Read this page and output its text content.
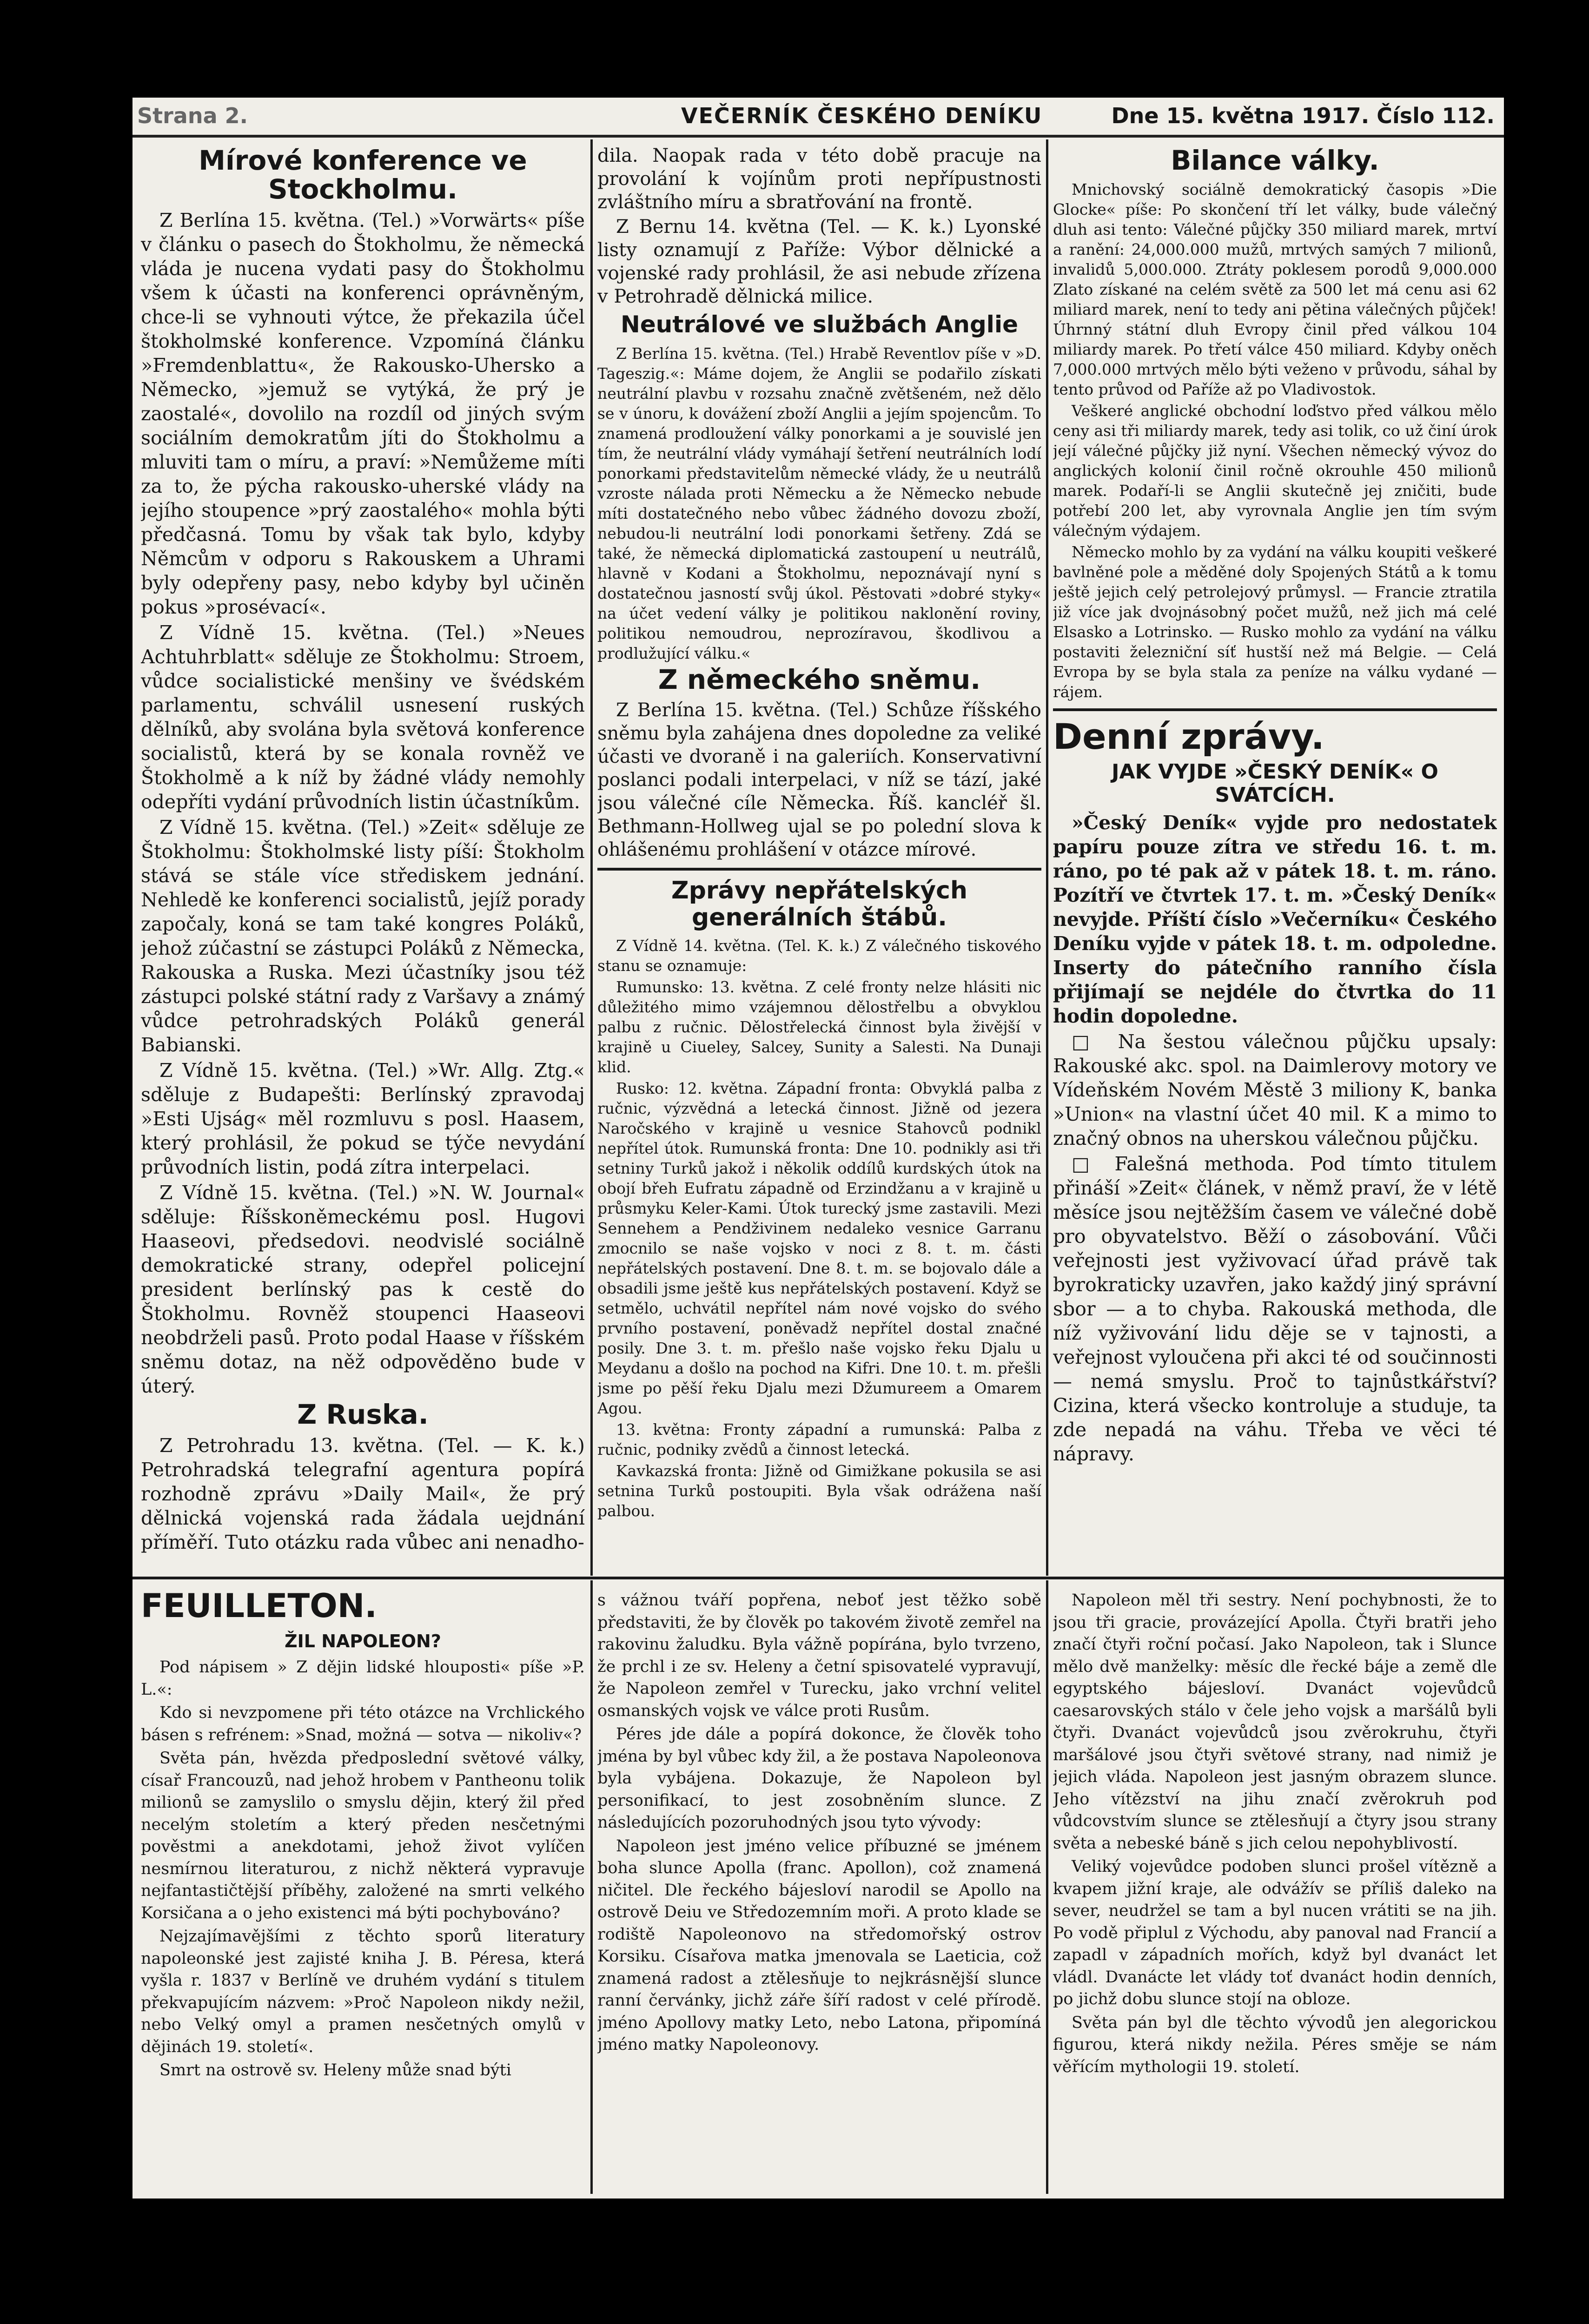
Strana 2.	VEČERNÍK ČESKÉHO DENÍKU	Dne 15. května 1917. Číslo 112.
Mírové konference ve Stockholmu.

Z Berlína 15. května. (Tel.) »Vorwärts« píše v článku o pasech do Štokholmu, že německá vláda je nucena vydati pasy do Štokholmu všem k účasti na konferenci oprávněným, chce-li se vyhnouti výtce, že překazila účel štokholmské konference. Vzpomíná článku »Fremdenblattu«, že Rakousko-Uhersko a Německo, »jemuž se vytýká, že prý je zaostalé«, dovolilo na rozdíl od jiných svým sociálním demokratům jíti do Štokholmu a mluviti tam o míru, a praví: »Nemůžeme míti za to, že pýcha rakousko-uherské vlády na jejího stoupence »prý zaostalého« mohla býti předčasná. Tomu by však tak bylo, kdyby Němcům v odporu s Rakouskem a Uhrami byly odepřeny pasy, nebo kdyby byl učiněn pokus »prosévací«.

Z Vídně 15. května. (Tel.) »Neues Achtuhrblatt« sděluje ze Štokholmu: Stroem, vůdce socialistické menšiny ve švédském parlamentu, schválil usnesení ruských dělníků, aby svolána byla světová konference socialistů, která by se konala rovněž ve Štokholmě a k níž by žádné vlády nemohly odepříti vydání průvodních listin účastníkům.

Z Vídně 15. května. (Tel.) »Zeit« sděluje ze Štokholmu: Štokholmské listy píší: Štokholm stává se stále více střediskem jednání. Nehledě ke konferenci socialistů, jejíž porady započaly, koná se tam také kongres Poláků, jehož zúčastní se zástupci Poláků z Německa, Rakouska a Ruska. Mezi účastníky jsou též zástupci polské státní rady z Varšavy a známý vůdce petrohradských Poláků generál Babianski.

Z Vídně 15. května. (Tel.) »Wr. Allg. Ztg.« sděluje z Budapešti: Berlínský zpravodaj »Esti Ujság« měl rozmluvu s posl. Haasem, který prohlásil, že pokud se týče nevydání průvodních listin, podá zítra interpelaci.

Z Vídně 15. května. (Tel.) »N. W. Journal« sděluje: Říšskoněmeckému posl. Hugovi Haaseovi, předsedovi. neodvislé sociálně demokratické strany, odepřel policejní president berlínský pas k cestě do Štokholmu. Rovněž stoupenci Haaseovi neobdrželi pasů. Proto podal Haase v říšském sněmu dotaz, na něž odpověděno bude v úterý.

Z Ruska.

Z Petrohradu 13. května. (Tel. — K. k.) Petrohradská telegrafní agentura popírá rozhodně zprávu »Daily Mail«, že prý dělnická vojenská rada žádala uejdnání příměří. Tuto otázku rada vůbec ani nenadho-

dila. Naopak rada v této době pracuje na provolání k vojínům proti nepřípustnosti zvláštního míru a sbratřování na frontě.

Z Bernu 14. května (Tel. — K. k.) Lyonské listy oznamují z Paříže: Výbor dělnické a vojenské rady prohlásil, že asi nebude zřízena v Petrohradě dělnická milice.

Neutrálové ve službách Anglie

Z Berlína 15. května. (Tel.) Hrabě Reventlov píše v »D. Tageszig.«: Máme dojem, že Anglii se podařilo získati neutrální plavbu v rozsahu značně zvětšeném, než dělo se v únoru, k dovážení zboží Anglii a jejím spojencům. To znamená prodloužení války ponorkami a je souvislé jen tím, že neutrální vlády vymáhají šetření neutrálních lodí ponorkami představitelům německé vlády, že u neutrálů vzroste nálada proti Německu a že Německo nebude míti dostatečného nebo vůbec žádného dovozu zboží, nebudou-li neutrální lodi ponorkami šetřeny. Zdá se také, že německá diplomatická zastoupení u neutrálů, hlavně v Kodani a Štokholmu, nepoznávají nyní s dostatečnou jasností svůj úkol. Pěstovati »dobré styky« na účet vedení války je politikou naklonění roviny, politikou nemoudrou, neprozíravou, škodlivou a prodlužující válku.«

Z německého sněmu.

Z Berlína 15. května. (Tel.) Schůze říšského sněmu byla zahájena dnes dopoledne za veliké účasti ve dvoraně i na galeriích. Konservativní poslanci podali interpelaci, v níž se tází, jaké jsou válečné cíle Německa. Říš. kancléř šl. Bethmann-Hollweg ujal se po polední slova k ohlášenému prohlášení v otázce mírové.

Zprávy nepřátelských generálních štábů.

Z Vídně 14. května. (Tel. K. k.) Z válečného tiskového stanu se oznamuje:

Rumunsko: 13. května. Z celé fronty nelze hlásiti nic důležitého mimo vzájemnou dělostřelbu a obvyklou palbu z ručnic. Dělostřelecká činnost byla živější v krajině u Ciueley, Salcey, Sunity a Salesti. Na Dunaji klid.

Rusko: 12. května. Západní fronta: Obvyklá palba z ručnic, výzvědná a letecká činnost. Jižně od jezera Naročského v krajině u vesnice Stahovců podnikl nepřítel útok. Rumunská fronta: Dne 10. podnikly asi tři setniny Turků jakož i několik oddílů kurdských útok na obojí břeh Eufratu západně od Erzindžanu a v krajině u průsmyku Keler-Kami. Útok turecký jsme zastavili. Mezi Sennehem a Pendživinem nedaleko vesnice Garranu zmocnilo se naše vojsko v noci z 8. t. m. části nepřátelských postavení. Dne 8. t. m. se bojovalo dále a obsadili jsme ještě kus nepřátelských postavení. Když se setmělo, uchvátil nepřítel nám nové vojsko do svého prvního postavení, poněvadž nepřítel dostal značné posily. Dne 3. t. m. přešlo naše vojsko řeku Djalu u Meydanu a došlo na pochod na Kifri. Dne 10. t. m. přešli jsme po pěší řeku Djalu mezi Džumureem a Omarem Agou.

13. května: Fronty západní a rumunská: Palba z ručnic, podniky zvědů a činnost letecká.

Kavkazská fronta: Jižně od Gimižkane pokusila se asi setnina Turků postoupiti. Byla však odrážena naší palbou.

Bilance války.

Mnichovský sociálně demokratický časopis »Die Glocke« píše: Po skončení tří let války, bude válečný dluh asi tento: Válečné půjčky 350 miliard marek, mrtví a ranění: 24,000.000 mužů, mrtvých samých 7 milionů, invalidů 5,000.000. Ztráty poklesem porodů 9,000.000 Zlato získané na celém světě za 500 let má cenu asi 62 miliard marek, není to tedy ani pětina válečných půjček! Úhrnný státní dluh Evropy činil před válkou 104 miliardy marek. Po třetí válce 450 miliard. Kdyby oněch 7,000.000 mrtvých mělo býti veženo v průvodu, sáhal by tento průvod od Paříže až po Vladivostok.

Veškeré anglické obchodní loďstvo před válkou mělo ceny asi tři miliardy marek, tedy asi tolik, co už činí úrok její válečné půjčky již nyní. Všechen německý vývoz do anglických kolonií činil ročně okrouhle 450 milionů marek. Podaří-li se Anglii skutečně jej zničiti, bude potřebí 200 let, aby vyrovnala Anglie jen tím svým válečným výdajem.

Německo mohlo by za vydání na válku koupiti veškeré bavlněné pole a měděné doly Spojených Států a k tomu ještě jejich celý petrolejový průmysl. — Francie ztratila již více jak dvojnásobný počet mužů, než jich má celé Elsasko a Lotrinsko. — Rusko mohlo za vydání na válku postaviti železniční síť hustší než má Belgie. — Celá Evropa by se byla stala za peníze na válku vydané — rájem.

Denní zprávy.
JAK VYJDE »ČESKÝ DENÍK« O SVÁTCÍCH.

»Český Deník« vyjde pro nedostatek papíru pouze zítra ve středu 16. t. m. ráno, po té pak až v pátek 18. t. m. ráno. Pozítří ve čtvrtek 17. t. m. »Český Deník« nevyjde. Příští číslo »Večerníku« Českého Deníku vyjde v pátek 18. t. m. odpoledne. Inserty do pátečního ranního čísla přijímají se nejdéle do čtvrtka do 11 hodin dopoledne.

□ Na šestou válečnou půjčku upsaly: Rakouské akc. spol. na Daimlerovy motory ve Vídeňském Novém Městě 3 miliony K, banka »Union« na vlastní účet 40 mil. K a mimo to značný obnos na uherskou válečnou půjčku.

□ Falešná methoda. Pod tímto titulem přináší »Zeit« článek, v němž praví, že v létě měsíce jsou nejtěžším časem ve válečné době pro obyvatelstvo. Běží o zásobování. Vůči veřejnosti jest vyživovací úřad právě tak byrokraticky uzavřen, jako každý jiný správní sbor — a to chyba. Rakouská methoda, dle níž vyživování lidu děje se v tajnosti, a veřejnost vyloučena při akci té od součinnosti — nemá smyslu. Proč to tajnůstkářství? Cizina, která všecko kontroluje a studuje, ta zde nepadá na váhu. Třeba ve věci té nápravy.

FEUILLETON.
ŽIL NAPOLEON?

Pod nápisem » Z dějin lidské hlouposti« píše »P. L.«:

Kdo si nevzpomene při této otázce na Vrchlického básen s refrénem: »Snad, možná — sotva — nikoliv«?

Světa pán, hvězda předposlední světové války, císař Francouzů, nad jehož hrobem v Pantheonu tolik milionů se zamyslilo o smyslu dějin, který žil před necelým stoletím a který předen nesčetnými pověstmi a anekdotami, jehož život vylíčen nesmírnou literaturou, z nichž některá vypravuje nejfantastičtější příběhy, založené na smrti velkého Korsičana a o jeho existenci má býti pochybováno?

Nejzajímavějšími z těchto sporů literatury napoleonské jest zajisté kniha J. B. Péresa, která vyšla r. 1837 v Berlíně ve druhém vydání s titulem překvapujícím názvem: »Proč Napoleon nikdy nežil, nebo Velký omyl a pramen nesčetných omylů v dějinách 19. století«.

Smrt na ostrově sv. Heleny může snad býti

s vážnou tváří popřena, neboť jest těžko sobě představiti, že by člověk po takovém životě zemřel na rakovinu žaludku. Byla vážně popírána, bylo tvrzeno, že prchl i ze sv. Heleny a četní spisovatelé vypravují, že Napoleon zemřel v Turecku, jako vrchní velitel osmanských vojsk ve válce proti Rusům.

Péres jde dále a popírá dokonce, že člověk toho jména by byl vůbec kdy žil, a že postava Napoleonova byla vybájena. Dokazuje, že Napoleon byl personifikací, to jest zosobněním slunce. Z následujících pozoruhodných jsou tyto vývody:

Napoleon jest jméno velice příbuzné se jménem boha slunce Apolla (franc. Apollon), což znamená ničitel. Dle řeckého bájesloví narodil se Apollo na ostrově Deiu ve Středozemním moři. A proto klade se rodiště Napoleonovo na středomořský ostrov Korsiku. Císařova matka jmenovala se Laeticia, což znamená radost a ztělesňuje to nejkrásnější slunce ranní červánky, jichž záře šíří radost v celé přírodě. jméno Apollovy matky Leto, nebo Latona, připomíná jméno matky Napoleonovy.

Napoleon měl tři sestry. Není pochybnosti, že to jsou tři gracie, provázející Apolla. Čtyři bratři jeho značí čtyři roční počasí. Jako Napoleon, tak i Slunce mělo dvě manželky: měsíc dle řecké báje a země dle egyptského bájesloví. Dvanáct vojevůdců caesarovských stálo v čele jeho vojsk a maršálů byli čtyři. Dvanáct vojevůdců jsou zvěrokruhu, čtyři maršálové jsou čtyři světové strany, nad nimiž je jejich vláda. Napoleon jest jasným obrazem slunce. Jeho vítězství na jihu značí zvěrokruh pod vůdcovstvím slunce se ztělesňují a čtyry jsou strany světa a nebeské báně s jich celou nepohyblivostí.

Veliký vojevůdce podoben slunci prošel vítězně a kvapem jižní kraje, ale odvážív se příliš daleko na sever, neudržel se tam a byl nucen vrátiti se na jih. Po vodě připlul z Východu, aby panoval nad Francií a zapadl v západních mořích, když byl dvanáct let vládl. Dvanácte let vlády toť dvanáct hodin denních, po jichž dobu slunce stojí na obloze.

Světa pán byl dle těchto vývodů jen alegorickou figurou, která nikdy nežila. Péres smějе se nám věřícím mythologii 19. století.
